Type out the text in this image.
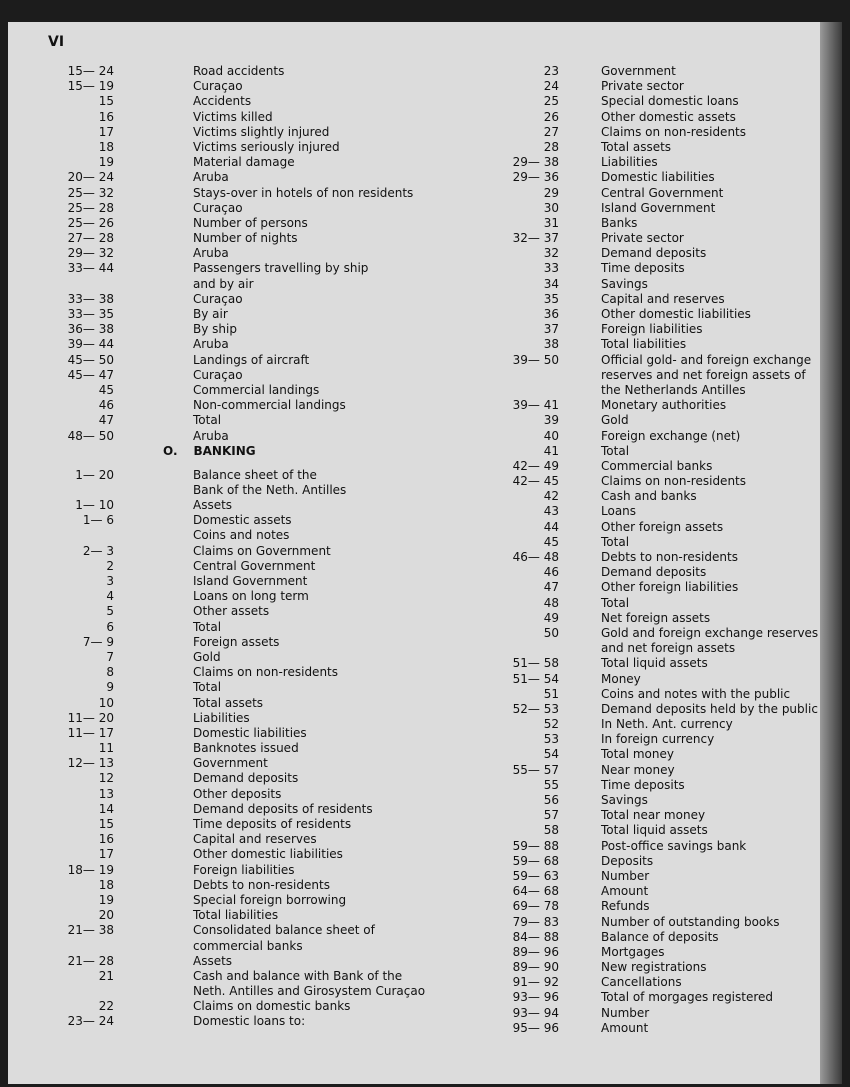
VI
15— 24	Road accidents
15— 19	Curaçao
15	Accidents
16	Victims killed
17	Victims slightly injured
18	Victims seriously injured
19	Material damage
20— 24	Aruba
25— 32	Stays-over in hotels of non residents
25— 28	Curaçao
25— 26	Number of persons
27— 28	Number of nights
29— 32	Aruba
33— 44	Passengers travelling by ship
and by air
33— 38	Curaçao
33— 35	By air
36— 38	By ship
39— 44	Aruba
45— 50	Landings of aircraft
45— 47	Curaçao
45	Commercial landings
46	Non-commercial landings
47	Total
48— 50	Aruba
O. BANKING
1— 20	Balance sheet of the
Bank of the Neth. Antilles
1— 10	Assets
1— 6	Domestic assets
Coins and notes
2— 3	Claims on Government
2	Central Government
3	Island Government
4	Loans on long term
5	Other assets
6	Total
7— 9	Foreign assets
7	Gold
8	Claims on non-residents
9	Total
10	Total assets
11— 20	Liabilities
11— 17	Domestic liabilities
11	Banknotes issued
12— 13	Government
12	Demand deposits
13	Other deposits
14	Demand deposits of residents
15	Time deposits of residents
16	Capital and reserves
17	Other domestic liabilities
18— 19	Foreign liabilities
18	Debts to non-residents
19	Special foreign borrowing
20	Total liabilities
21— 38	Consolidated balance sheet of
commercial banks
21— 28	Assets
21	Cash and balance with Bank of the
Neth. Antilles and Girosystem Curaçao
22	Claims on domestic banks
23— 24	Domestic loans to:
23	Government
24	Private sector
25	Special domestic loans
26	Other domestic assets
27	Claims on non-residents
28	Total assets
29— 38	Liabilities
29— 36	Domestic liabilities
29	Central Government
30	Island Government
31	Banks
32— 37	Private sector
32	Demand deposits
33	Time deposits
34	Savings
35	Capital and reserves
36	Other domestic liabilities
37	Foreign liabilities
38	Total liabilities
39— 50	Official gold- and foreign exchange
reserves and net foreign assets of
the Netherlands Antilles
39— 41	Monetary authorities
39	Gold
40	Foreign exchange (net)
41	Total
42— 49	Commercial banks
42— 45	Claims on non-residents
42	Cash and banks
43	Loans
44	Other foreign assets
45	Total
46— 48	Debts to non-residents
46	Demand deposits
47	Other foreign liabilities
48	Total
49	Net foreign assets
50	Gold and foreign exchange reserves
and net foreign assets
51— 58	Total liquid assets
51— 54	Money
51	Coins and notes with the public
52— 53	Demand deposits held by the public
52	In Neth. Ant. currency
53	In foreign currency
54	Total money
55— 57	Near money
55	Time deposits
56	Savings
57	Total near money
58	Total liquid assets
59— 88	Post-office savings bank
59— 68	Deposits
59— 63	Number
64— 68	Amount
69— 78	Refunds
79— 83	Number of outstanding books
84— 88	Balance of deposits
89— 96	Mortgages
89— 90	New registrations
91— 92	Cancellations
93— 96	Total of morgages registered
93— 94	Number
95— 96	Amount
